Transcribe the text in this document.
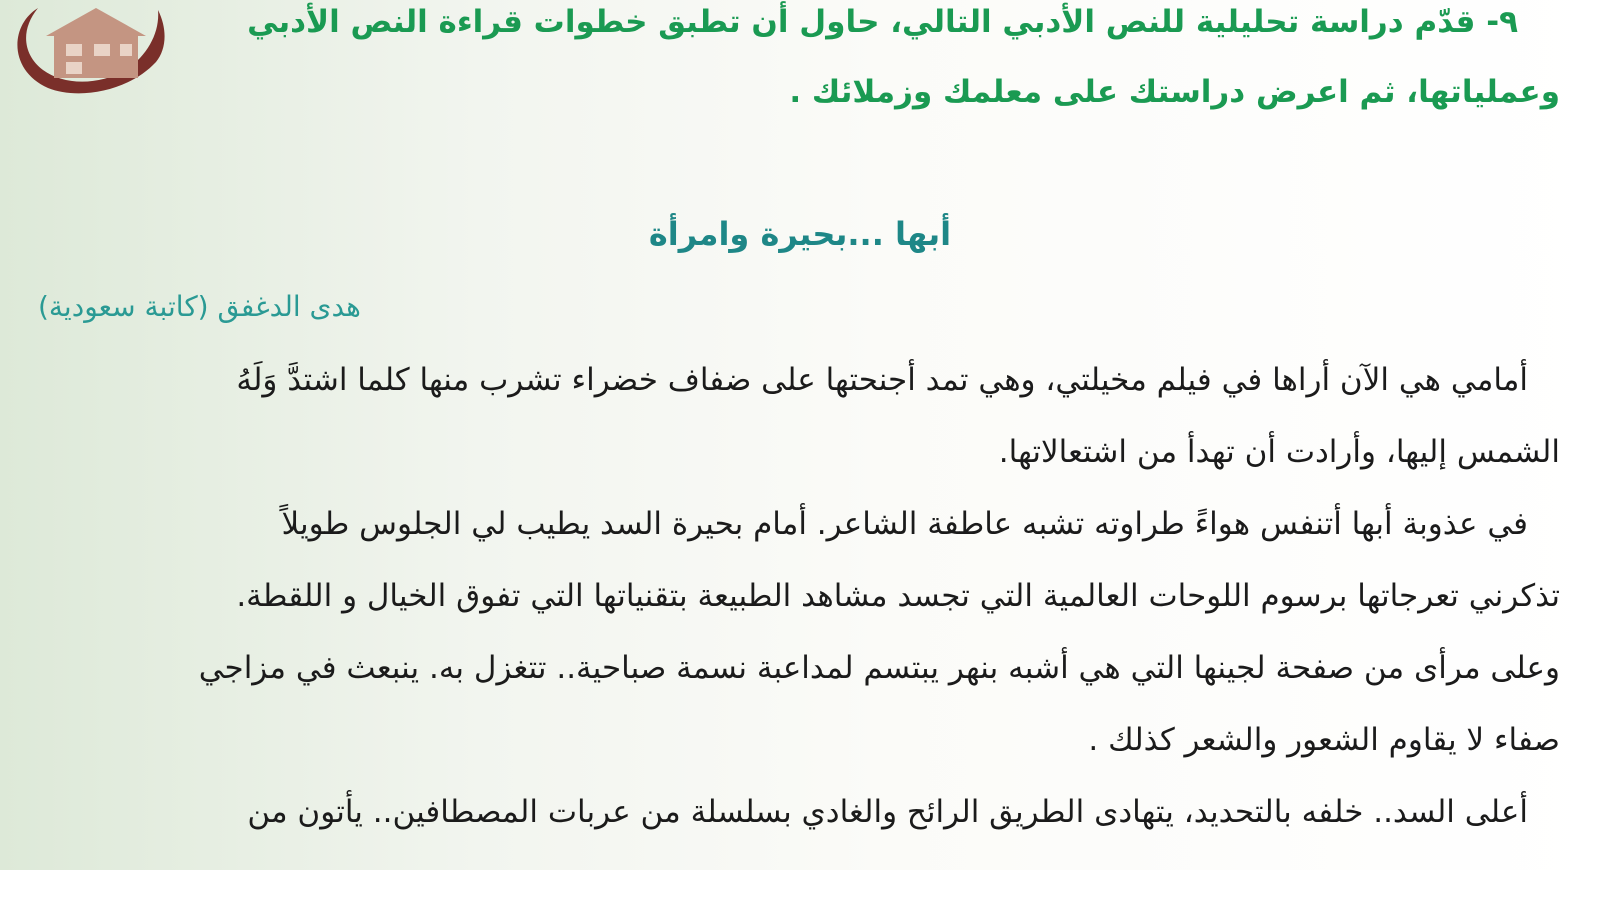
٩- قدّم دراسة تحليلية للنص الأدبي التالي، حاول أن تطبق خطوات قراءة النص الأدبي
وعملياتها، ثم اعرض دراستك على معلمك وزملائك .
أبها ...بحيرة وامرأة
هدى الدغفق (كاتبة سعودية)
أمامي هي الآن أراها في فيلم مخيلتي، وهي تمد أجنحتها على ضفاف خضراء تشرب منها كلما اشتدَّ وَلَهُ
الشمس إليها، وأرادت أن تهدأ من اشتعالاتها.
في عذوبة أبها أتنفس هواءً طراوته تشبه عاطفة الشاعر. أمام بحيرة السد يطيب لي الجلوس طويلاً
تذكرني تعرجاتها برسوم اللوحات العالمية التي تجسد مشاهد الطبيعة بتقنياتها التي تفوق الخيال و اللقطة.
وعلى مرأى من صفحة لجينها التي هي أشبه بنهر يبتسم لمداعبة نسمة صباحية.. تتغزل به. ينبعث في مزاجي
صفاء لا يقاوم الشعور والشعر كذلك .
أعلى السد.. خلفه بالتحديد، يتهادى الطريق الرائح والغادي بسلسلة من عربات المصطافين.. يأتون من
